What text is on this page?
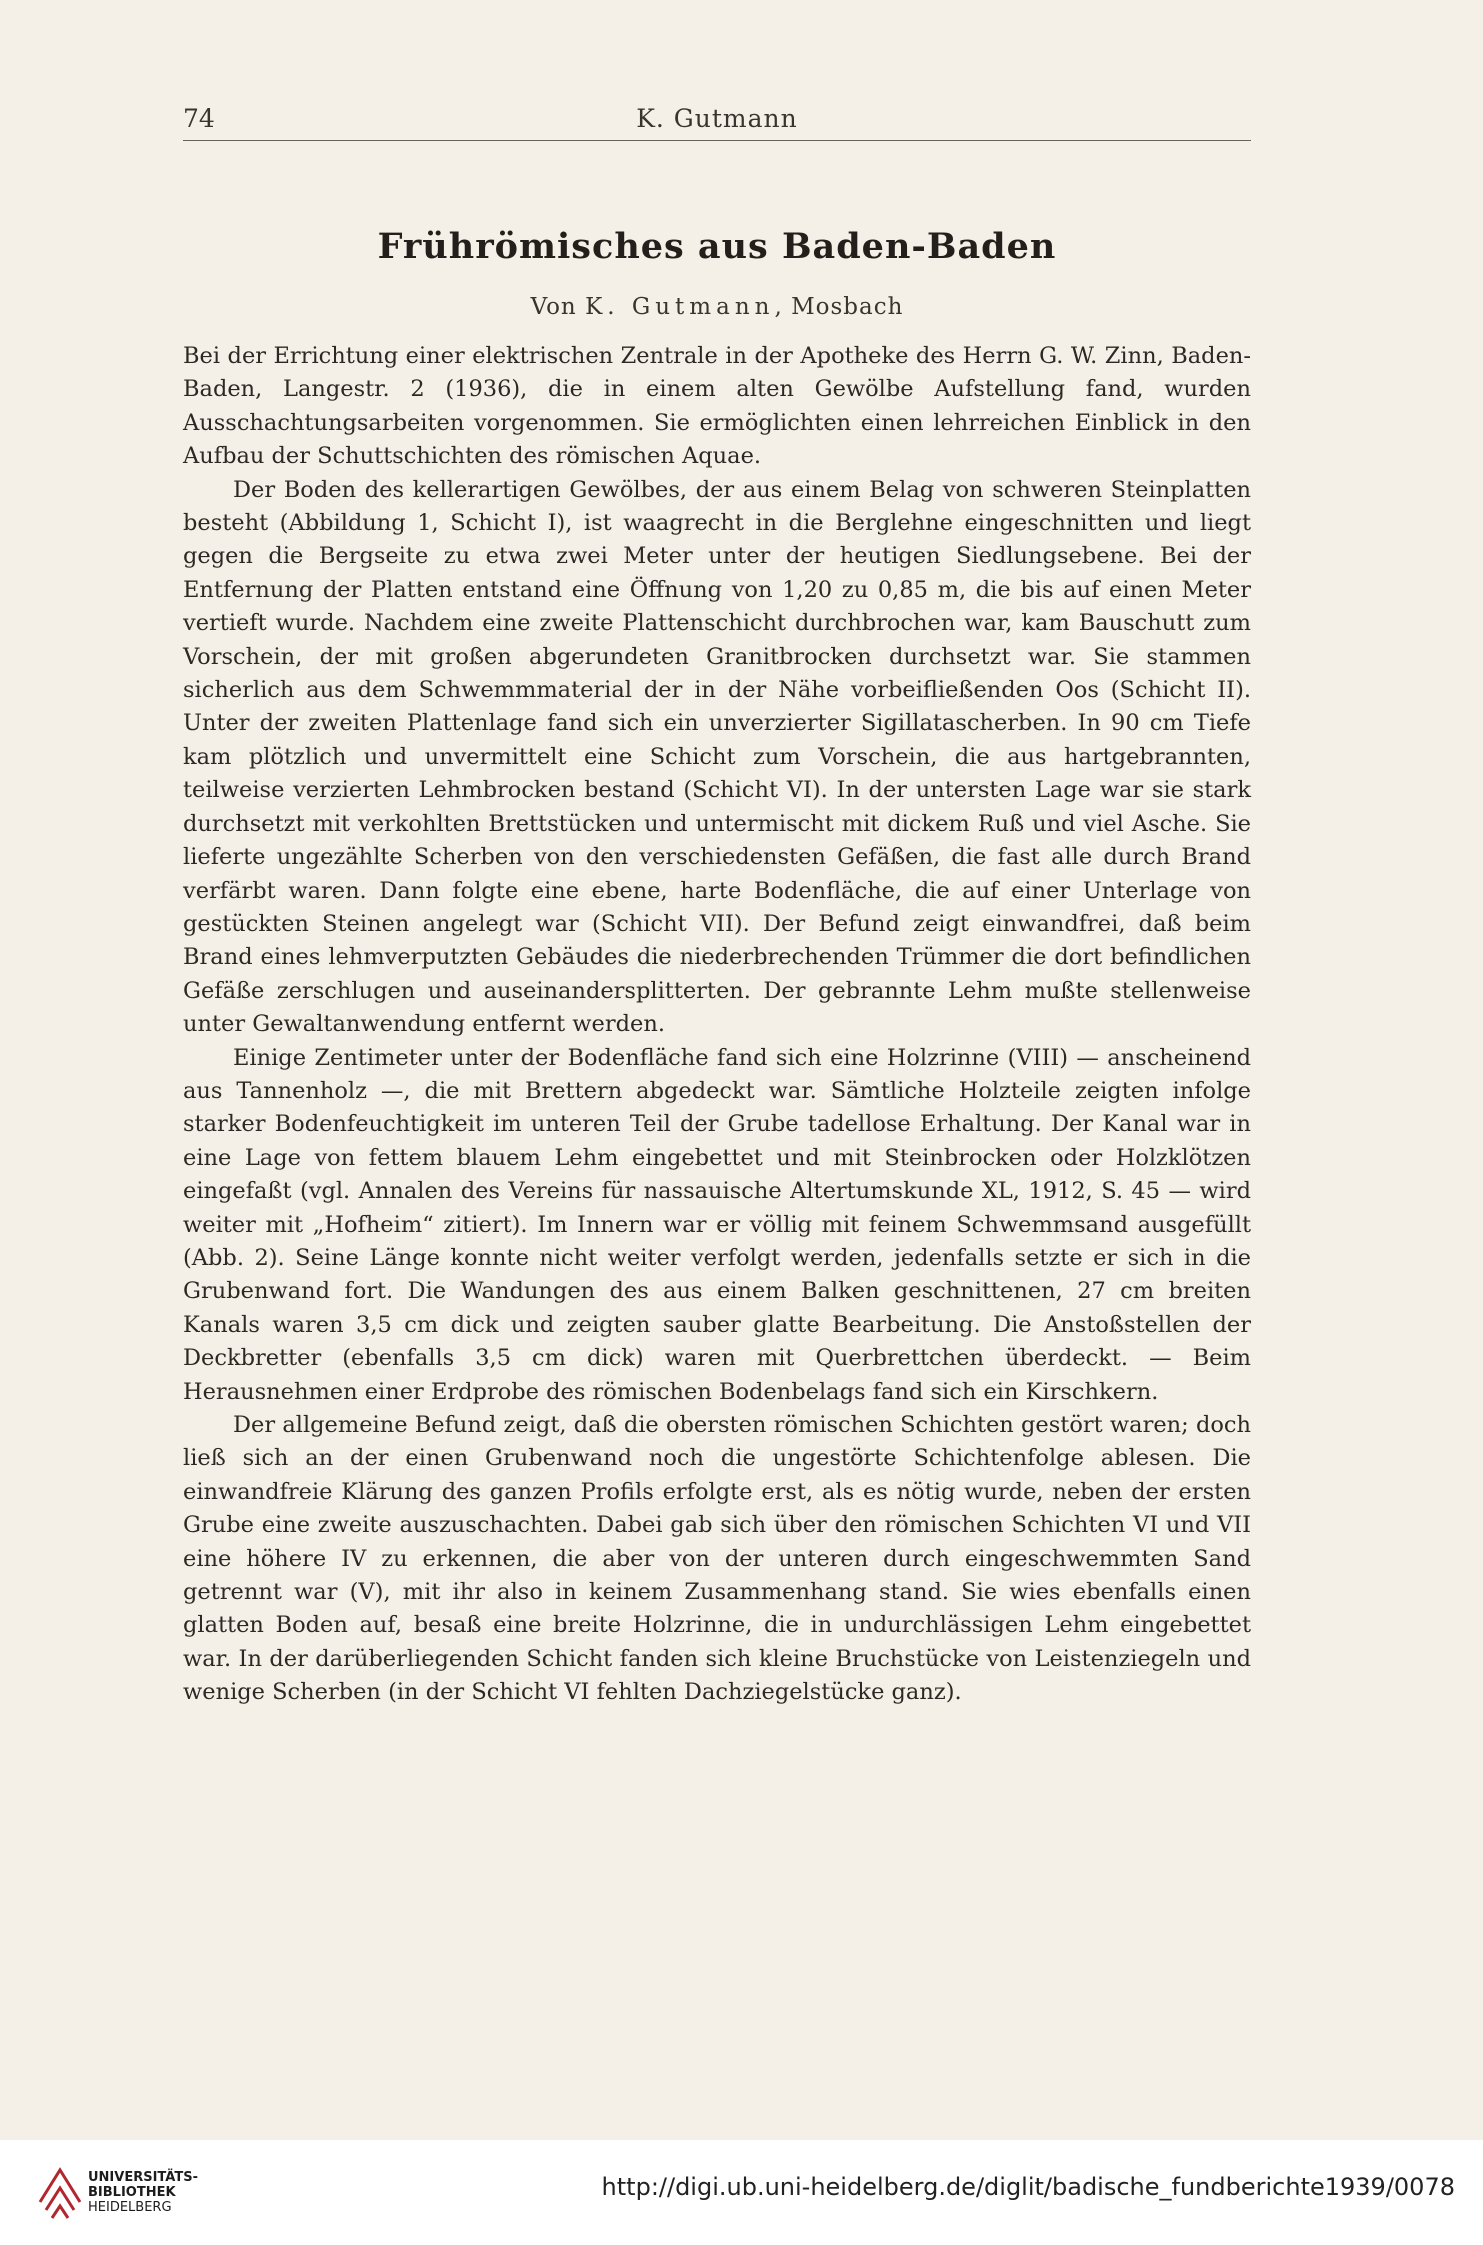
74	K. Gutmann
Frührömisches aus Baden-Baden
Von K. Gutmann, Mosbach

Bei der Errichtung einer elektrischen Zentrale in der Apotheke des Herrn G. W. Zinn, Baden-Baden, Langestr. 2 (1936), die in einem alten Gewölbe Aufstellung fand, wurden Ausschachtungsarbeiten vorgenommen. Sie ermöglichten einen lehrreichen Einblick in den Aufbau der Schuttschichten des römischen Aquae.

Der Boden des kellerartigen Gewölbes, der aus einem Belag von schweren Steinplatten besteht (Abbildung 1, Schicht I), ist waagrecht in die Berglehne eingeschnitten und liegt gegen die Bergseite zu etwa zwei Meter unter der heutigen Siedlungsebene. Bei der Entfernung der Platten entstand eine Öffnung von 1,20 zu 0,85 m, die bis auf einen Meter vertieft wurde. Nachdem eine zweite Plattenschicht durchbrochen war, kam Bauschutt zum Vorschein, der mit großen abgerundeten Granitbrocken durchsetzt war. Sie stammen sicherlich aus dem Schwemmmaterial der in der Nähe vorbeifließenden Oos (Schicht II). Unter der zweiten Plattenlage fand sich ein unverzierter Sigillatascherben. In 90 cm Tiefe kam plötzlich und unvermittelt eine Schicht zum Vorschein, die aus hartgebrannten, teilweise verzierten Lehmbrocken bestand (Schicht VI). In der untersten Lage war sie stark durchsetzt mit verkohlten Brettstücken und untermischt mit dickem Ruß und viel Asche. Sie lieferte ungezählte Scherben von den verschiedensten Gefäßen, die fast alle durch Brand verfärbt waren. Dann folgte eine ebene, harte Bodenfläche, die auf einer Unterlage von gestückten Steinen angelegt war (Schicht VII). Der Befund zeigt einwandfrei, daß beim Brand eines lehmverputzten Gebäudes die niederbrechenden Trümmer die dort befindlichen Gefäße zerschlugen und auseinandersplitterten. Der gebrannte Lehm mußte stellenweise unter Gewaltanwendung entfernt werden.

Einige Zentimeter unter der Bodenfläche fand sich eine Holzrinne (VIII) — anscheinend aus Tannenholz —, die mit Brettern abgedeckt war. Sämtliche Holzteile zeigten infolge starker Bodenfeuchtigkeit im unteren Teil der Grube tadellose Erhaltung. Der Kanal war in eine Lage von fettem blauem Lehm eingebettet und mit Steinbrocken oder Holzklötzen eingefaßt (vgl. Annalen des Vereins für nassauische Altertumskunde XL, 1912, S. 45 — wird weiter mit „Hofheim“ zitiert). Im Innern war er völlig mit feinem Schwemmsand ausgefüllt (Abb. 2). Seine Länge konnte nicht weiter verfolgt werden, jedenfalls setzte er sich in die Grubenwand fort. Die Wandungen des aus einem Balken geschnittenen, 27 cm breiten Kanals waren 3,5 cm dick und zeigten sauber glatte Bearbeitung. Die Anstoßstellen der Deckbretter (ebenfalls 3,5 cm dick) waren mit Querbrettchen überdeckt. — Beim Herausnehmen einer Erdprobe des römischen Bodenbelags fand sich ein Kirschkern.

Der allgemeine Befund zeigt, daß die obersten römischen Schichten gestört waren; doch ließ sich an der einen Grubenwand noch die ungestörte Schichtenfolge ablesen. Die einwandfreie Klärung des ganzen Profils erfolgte erst, als es nötig wurde, neben der ersten Grube eine zweite auszuschachten. Dabei gab sich über den römischen Schichten VI und VII eine höhere IV zu erkennen, die aber von der unteren durch eingeschwemmten Sand getrennt war (V), mit ihr also in keinem Zusammenhang stand. Sie wies ebenfalls einen glatten Boden auf, besaß eine breite Holzrinne, die in undurchlässigen Lehm eingebettet war. In der darüberliegenden Schicht fanden sich kleine Bruchstücke von Leistenziegeln und wenige Scherben (in der Schicht VI fehlten Dachziegelstücke ganz).

UNIVERSITÄTS-
BIBLIOTHEK
HEIDELBERG
http://digi.ub.uni-heidelberg.de/diglit/badische_fundberichte1939/0078
